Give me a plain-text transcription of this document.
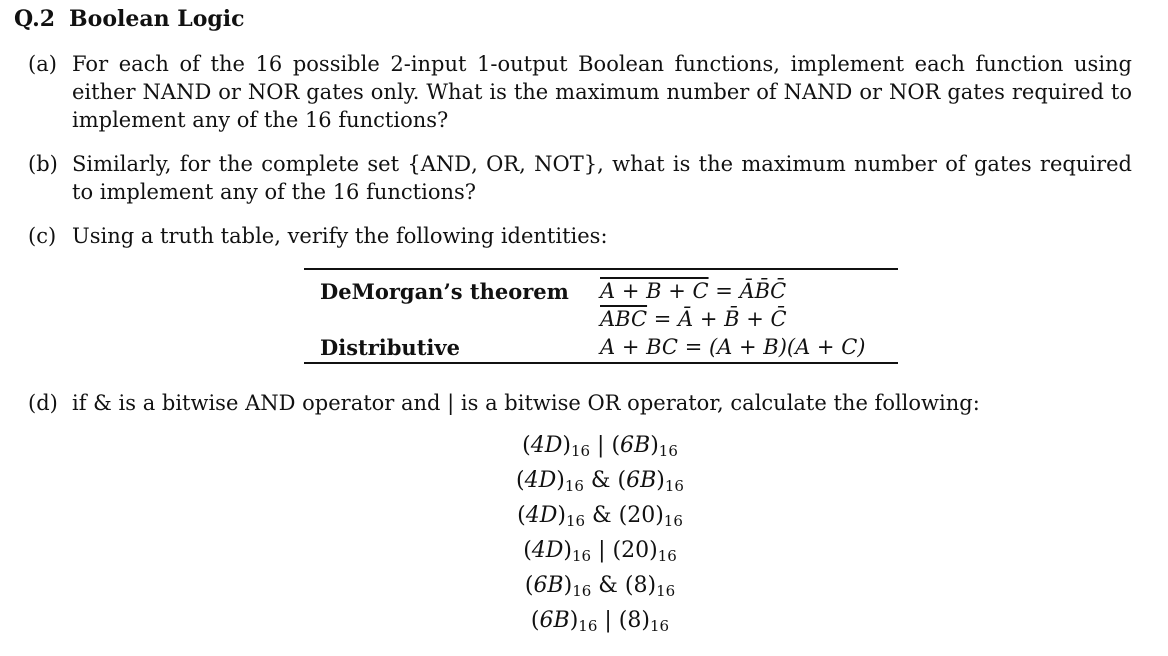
Q.2 Boolean Logic
(a) For each of the 16 possible 2-input 1-output Boolean functions, implement each function using either NAND or NOR gates only. What is the maximum number of NAND or NOR gates required to implement any of the 16 functions?
(b) Similarly, for the complete set {AND, OR, NOT}, what is the maximum number of gates required to implement any of the 16 functions?
(c) Using a truth table, verify the following identities:
DeMorgan’s theorem A + B + C = ĀB̄C̄
$\overline{ABC}$ = Ā + B̄ + C̄
Distributive	A + BC = (A + B)(A + C)
(d) if & is a bitwise AND operator and | is a bitwise OR operator, calculate the following:
$(4D)_{16}$ | $(6B)_{16}$
$(4D)_{16}$ & $(6B)_{16}$
$(4D)_{16}$ & $(20)_{16}$
$(4D)_{16}$ | $(20)_{16}$
$(6B)_{16}$ & $(8)_{16}$
$(6B)_{16}$ | $(8)_{16}$
